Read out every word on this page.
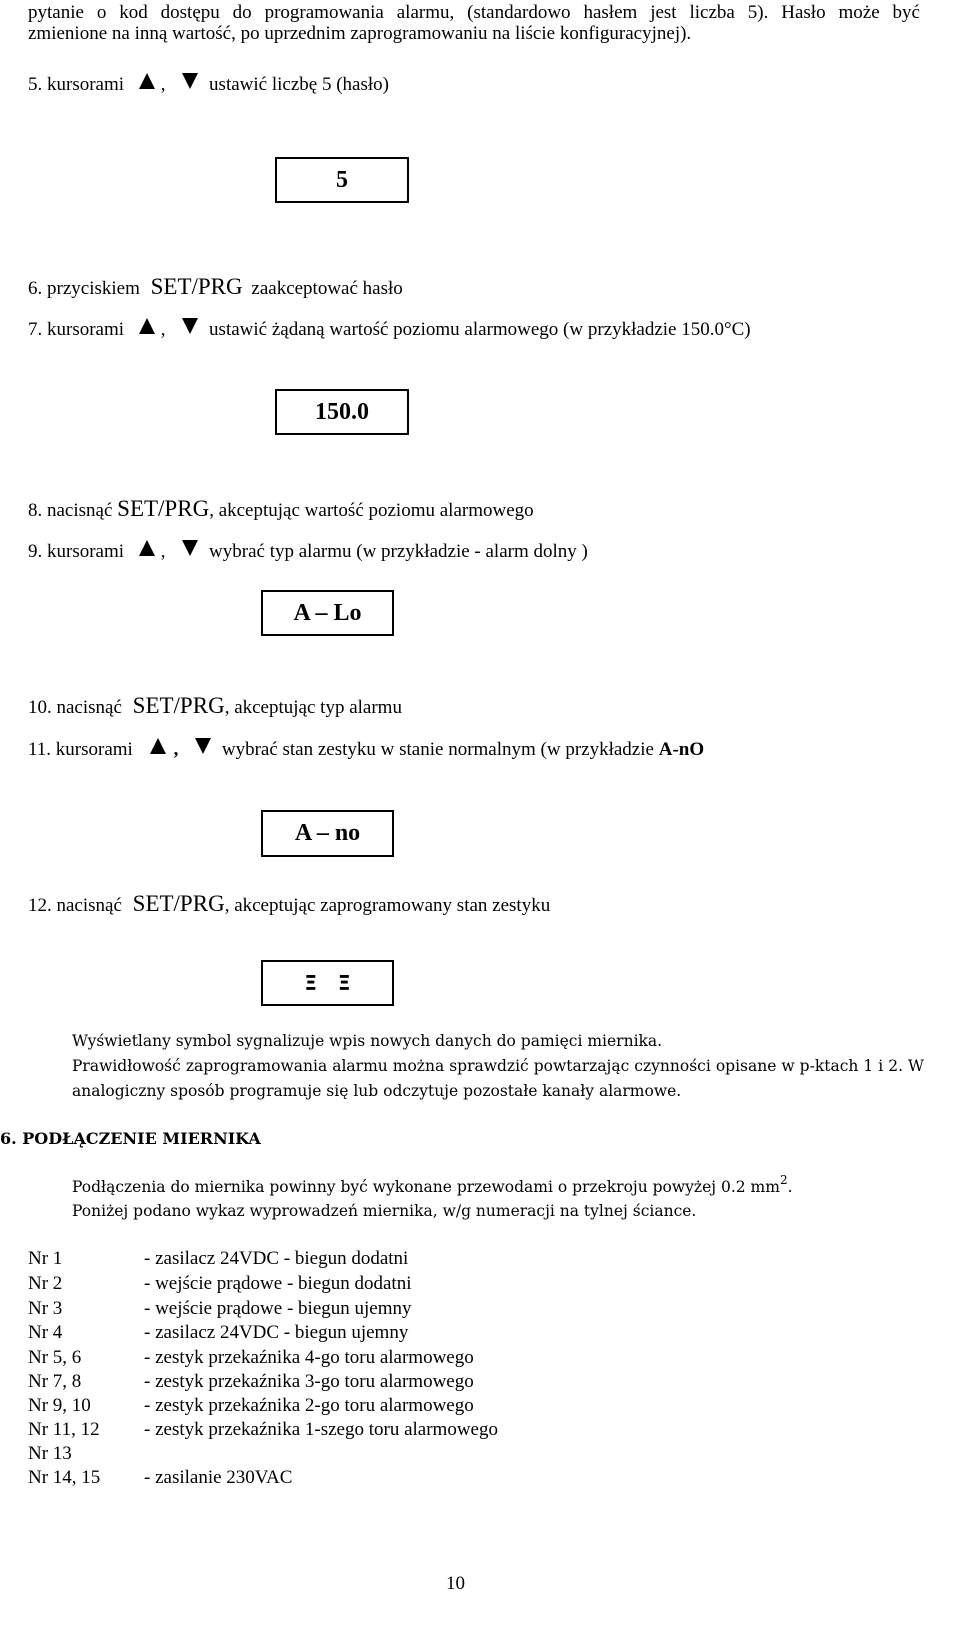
pytanie o kod dostępu do programowania alarmu, (standardowo hasłem jest liczba 5). Hasło może być
zmienione na inną wartość, po uprzednim zaprogramowaniu na liście konfiguracyjnej).
5. kursorami , ustawić liczbę 5 (hasło)
5
6. przyciskiem SET/PRG zaakceptować hasło
7. kursorami , ustawić żądaną wartość poziomu alarmowego (w przykładzie 150.0°C)
150.0
8. nacisnąć SET/PRG, akceptując wartość poziomu alarmowego
9. kursorami , wybrać typ alarmu (w przykładzie - alarm dolny )
A – Lo
10. nacisnąć SET/PRG, akceptując typ alarmu
11. kursorami , wybrać stan zestyku w stanie normalnym (w przykładzie A-nO
A – no
12. nacisnąć SET/PRG, akceptując zaprogramowany stan zestyku
Ξ   Ξ
Wyświetlany symbol sygnalizuje wpis nowych danych do pamięci miernika.
Prawidłowość zaprogramowania alarmu można sprawdzić powtarzając czynności opisane w p-ktach 1 i 2. W analogiczny sposób programuje się lub odczytuje pozostałe kanały alarmowe.
6. PODŁĄCZENIE MIERNIKA
Podłączenia do miernika powinny być wykonane przewodami o przekroju powyżej 0.2 $mm^2$.
Poniżej podano wykaz wyprowadzeń miernika, w/g numeracji na tylnej ściance.
Nr 1	- zasilacz 24VDC - biegun dodatni
Nr 2	- wejście prądowe - biegun dodatni
Nr 3	- wejście prądowe - biegun ujemny
Nr 4	- zasilacz 24VDC - biegun ujemny
Nr 5, 6	- zestyk przekaźnika 4-go toru alarmowego
Nr 7, 8	- zestyk przekaźnika 3-go toru alarmowego
Nr 9, 10	- zestyk przekaźnika 2-go toru alarmowego
Nr 11, 12 - zestyk przekaźnika 1-szego toru alarmowego
Nr 13
Nr 14, 15 - zasilanie 230VAC
10
